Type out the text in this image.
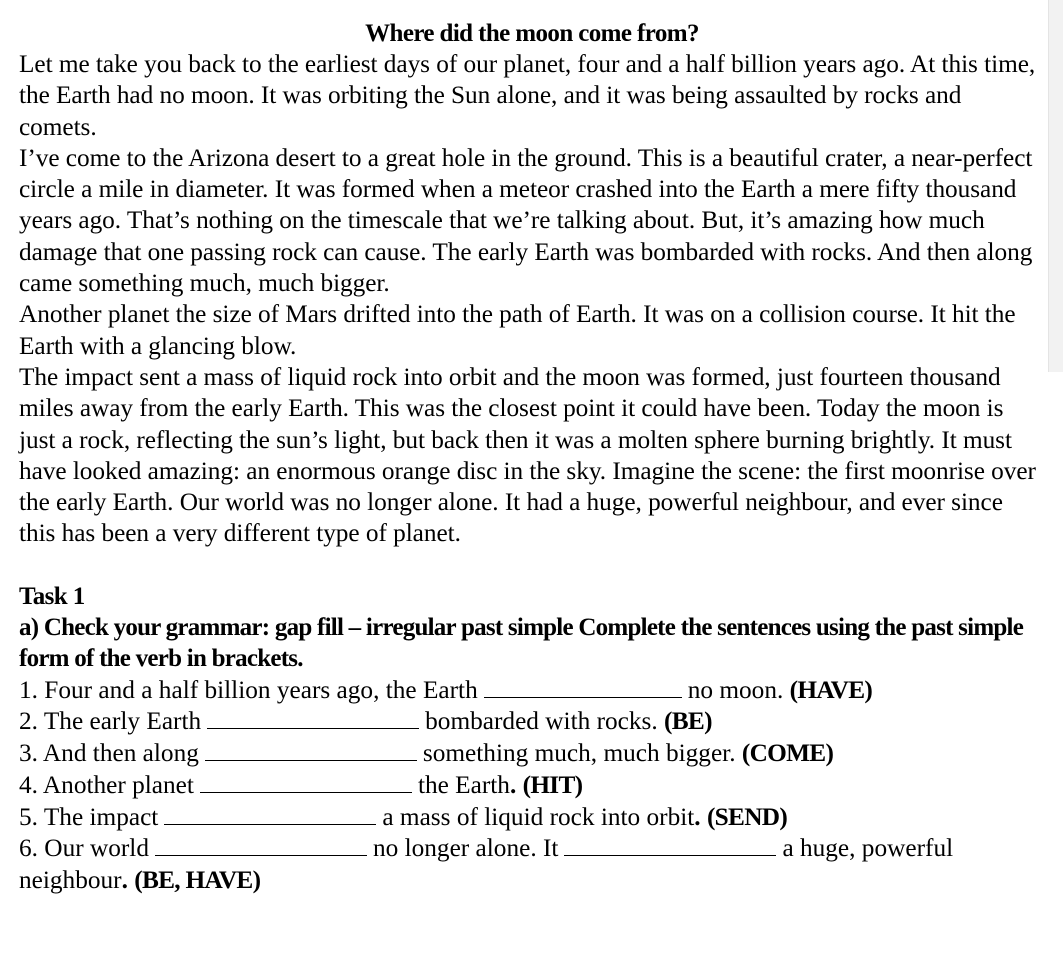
Where did the moon come from?

Let me take you back to the earliest days of our planet, four and a half billion years ago. At this time, the Earth had no moon. It was orbiting the Sun alone, and it was being assaulted by rocks and comets.

I’ve come to the Arizona desert to a great hole in the ground. This is a beautiful crater, a near-perfect circle a mile in diameter. It was formed when a meteor crashed into the Earth a mere fifty thousand years ago. That’s nothing on the timescale that we’re talking about. But, it’s amazing how much damage that one passing rock can cause. The early Earth was bombarded with rocks. And then along came something much, much bigger.

Another planet the size of Mars drifted into the path of Earth. It was on a collision course. It hit the Earth with a glancing blow.

The impact sent a mass of liquid rock into orbit and the moon was formed, just fourteen thousand miles away from the early Earth. This was the closest point it could have been. Today the moon is just a rock, reflecting the sun’s light, but back then it was a molten sphere burning brightly. It must have looked amazing: an enormous orange disc in the sky. Imagine the scene: the first moonrise over the early Earth. Our world was no longer alone. It had a huge, powerful neighbour, and ever since this has been a very different type of planet.

Task 1

a) Check your grammar: gap fill – irregular past simple Complete the sentences using the past simple form of the verb in brackets.

1. Four and a half billion years ago, the Earth	no moon. (HAVE)

2. The early Earth	bombarded with rocks. (BE)

3. And then along	something much, much bigger. (COME)

4. Another planet	the Earth. (HIT)

5. The impact	a mass of liquid rock into orbit. (SEND)

6. Our world	no longer alone. It	a huge, powerful neighbour. (BE, HAVE)
